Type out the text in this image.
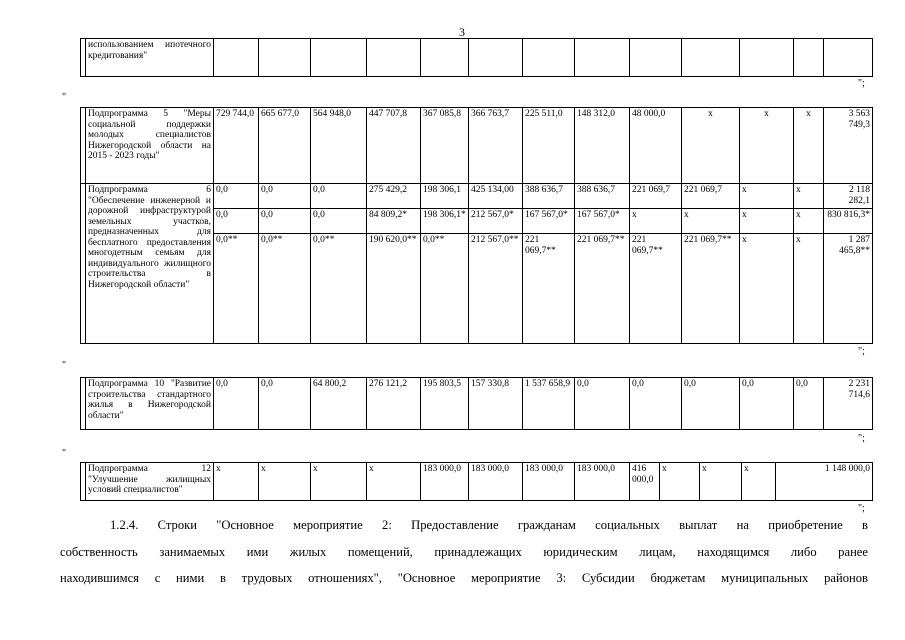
3
	использованием ипотечного кредитования"													
";
"
	Подпрограмма 5 "Меры социальной поддержки молодых специалистов Нижегородской области на 2015 - 2023 годы"	729 744,0	665 677,0	564 948,0	447 707,8	367 085,8	366 763,7	225 511,0	148 312,0	48 000,0	x	x	x	3 563 749,3
	Подпрограмма 6 "Обеспечение инженерной и дорожной инфраструктурой земельных участков, предназначенных для бесплатного предоставления многодетным семьям для индивидуального жилищного строительства в Нижегородской области"	0,0	0,0	0,0	275 429,2	198 306,1	425 134,00	388 636,7	388 636,7	221 069,7	221 069,7	x	x	2 118 282,1
		0,0	0,0	0,0	84 809,2*	198 306,1*	212 567,0*	167 567,0*	167 567,0*	x	x	x	x	830 816,3*
		0,0**	0,0**	0,0**	190 620,0**	0,0**	212 567,0**	221 069,7**	221 069,7**	221 069,7**	221 069,7**	x	x	1 287 465,8**
";
"
	Подпрограмма 10 "Развитие строительства стандартного жилья в Нижегородской области"	0,0	0,0	64 800,2	276 121,2	195 803,5	157 330,8	1 537 658,9	0,0	0,0	0,0	0,0	0,0	2 231 714,6
";
"
	Подпрограмма 12 "Улучшение жилищных условий специалистов"	x	x	x	x	183 000,0	183 000,0	183 000,0	183 000,0	416 000,0	x	x	x	1 148 000,0
";
1.2.4. Строки "Основное мероприятие 2: Предоставление гражданам социальных выплат на приобретение в
собственность занимаемых ими жилых помещений, принадлежащих юридическим лицам, находящимся либо ранее
находившимся с ними в трудовых отношениях", "Основное мероприятие 3: Субсидии бюджетам муниципальных районов
